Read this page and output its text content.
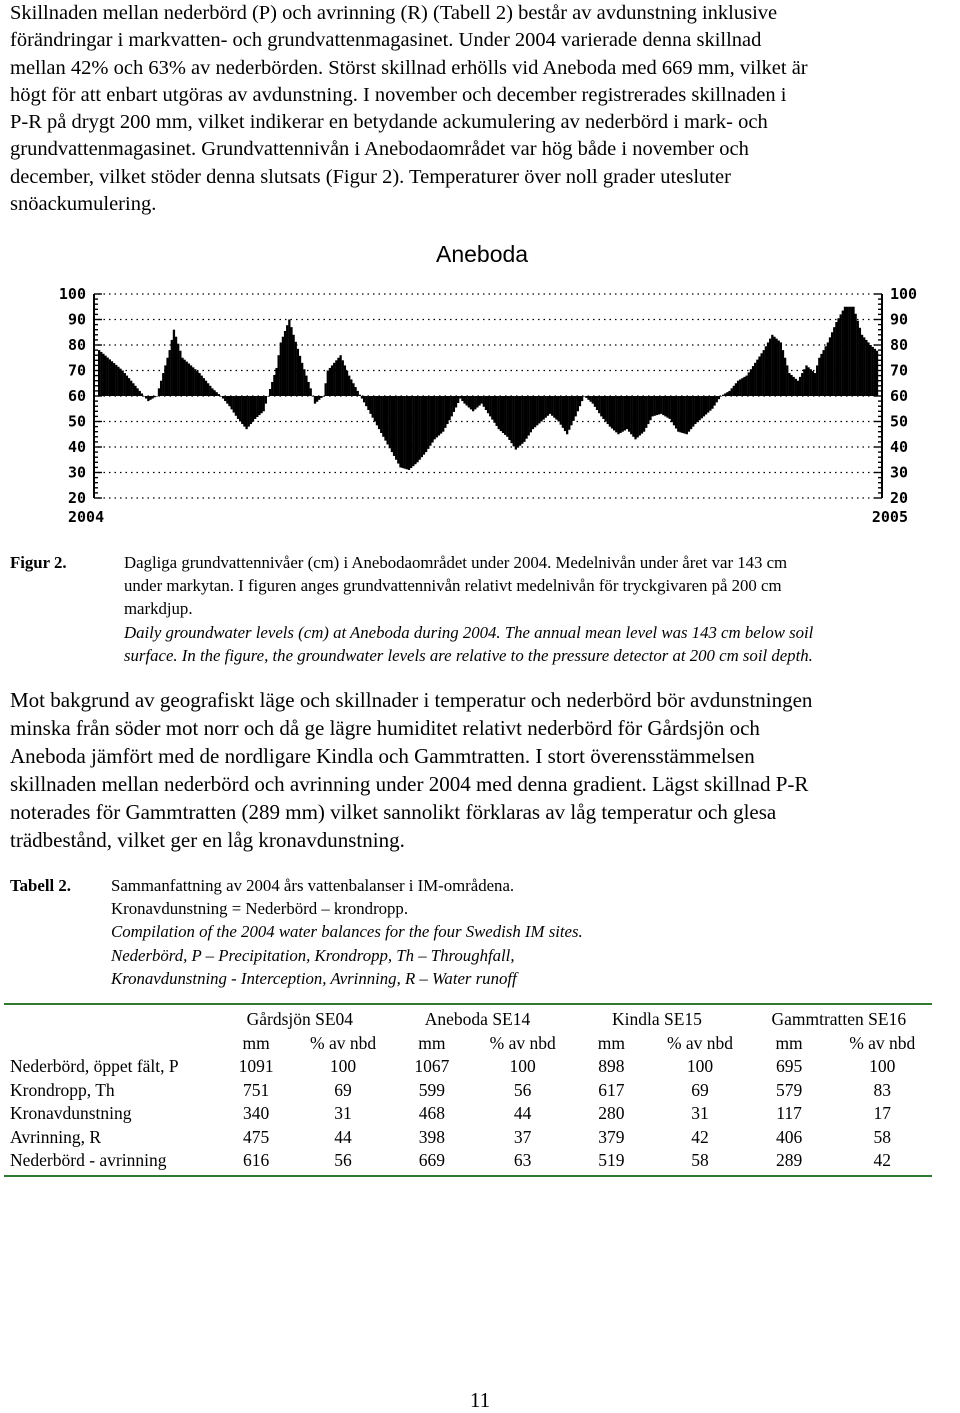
Skillnaden mellan nederbörd (P) och avrinning (R) (Tabell 2) består av avdunstning inklusive
förändringar i markvatten- och grundvattenmagasinet. Under 2004 varierade denna skillnad
mellan 42% och 63% av nederbörden. Störst skillnad erhölls vid Aneboda med 669 mm, vilket är
högt för att enbart utgöras av avdunstning. I november och december registrerades skillnaden i
P-R på drygt 200 mm, vilket indikerar en betydande ackumulering av nederbörd i mark- och
grundvattenmagasinet. Grundvattennivån i Anebodaområdet var hög både i november och
december, vilket stöder denna slutsats (Figur 2). Temperaturer över noll grader utesluter
snöackumulering.
Aneboda
100	100
90	90
80	80
70	70
60	60
50	50
40	40
30	30
20	20
2004	2005
Figur 2.	Dagliga grundvattennivåer (cm) i Anebodaområdet under 2004. Medelnivån under året var 143 cm
under markytan. I figuren anges grundvattennivån relativt medelnivån för tryckgivaren på 200 cm
markdjup.
Daily groundwater levels (cm) at Aneboda during 2004. The annual mean level was 143 cm below soil
surface. In the figure, the groundwater levels are relative to the pressure detector at 200 cm soil depth.
Mot bakgrund av geografiskt läge och skillnader i temperatur och nederbörd bör avdunstningen
minska från söder mot norr och då ge lägre humiditet relativt nederbörd för Gårdsjön och
Aneboda jämfört med de nordligare Kindla och Gammtratten. I stort överensstämmelsen
skillnaden mellan nederbörd och avrinning under 2004 med denna gradient. Lägst skillnad P-R
noterades för Gammtratten (289 mm) vilket sannolikt förklaras av låg temperatur och glesa
trädbestånd, vilket ger en låg kronavdunstning.
Tabell 2. Sammanfattning av 2004 års vattenbalanser i IM-områdena.
Kronavdunstning = Nederbörd – krondropp.
Compilation of the 2004 water balances for the four Swedish IM sites.
Nederbörd, P – Precipitation, Krondropp, Th – Throughfall,
Kronavdunstning - Interception, Avrinning, R – Water runoff
	Gårdsjön SE04		Aneboda SE14		Kindla SE15		Gammtratten SE16	
	mm	% av nbd	mm	% av nbd	mm	% av nbd	mm	% av nbd
Nederbörd, öppet fält, P	1091	100	1067	100	898	100	695	100
Krondropp, Th	751	69	599	56	617	69	579	83
Kronavdunstning	340	31	468	44	280	31	117	17
Avrinning, R	475	44	398	37	379	42	406	58
Nederbörd - avrinning	616	56	669	63	519	58	289	42
11
